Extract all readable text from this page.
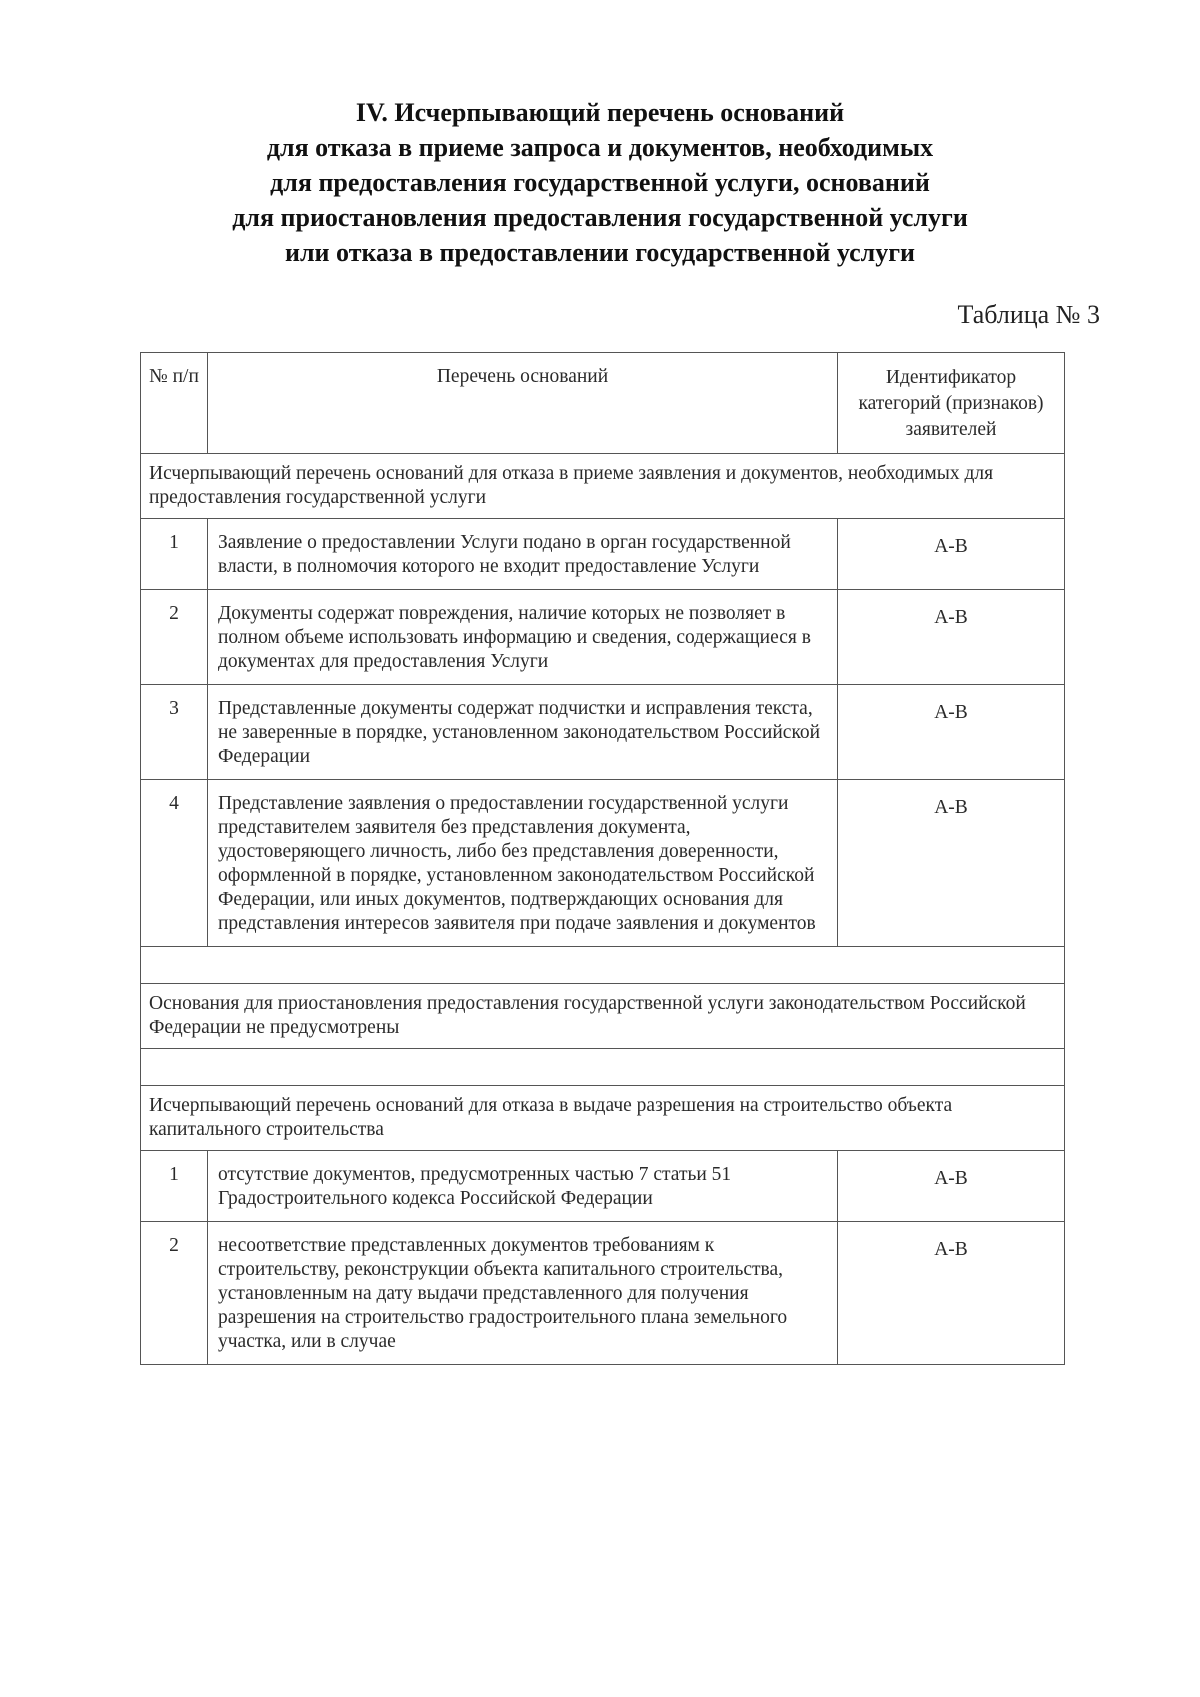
IV. Исчерпывающий перечень оснований
для отказа в приеме запроса и документов, необходимых
для предоставления государственной услуги, оснований
для приостановления предоставления государственной услуги
или отказа в предоставлении государственной услуги
Таблица № 3
№ п/п	Перечень оснований	Идентификатор категорий (признаков) заявителей
Исчерпывающий перечень оснований для отказа в приеме заявления и документов, необходимых для предоставления государственной услуги		
1	Заявление о предоставлении Услуги подано в орган государственной власти, в полномочия которого не входит предоставление Услуги	А-В

2	Документы содержат повреждения, наличие которых не позволяет в полном объеме использовать информацию и сведения, содержащиеся в документах для предоставления Услуги	А-В

3	Представленные документы содержат подчистки и исправления текста, не заверенные в порядке, установленном законодательством Российской Федерации	А-В

4	Представление заявления о предоставлении государственной услуги представителем заявителя без представления документа, удостоверяющего личность, либо без представления доверенности, оформленной в порядке, установленном законодательством Российской Федерации, или иных документов, подтверждающих основания для представления интересов заявителя при подаче заявления и документов	А-В

Основания для приостановления предоставления государственной услуги законодательством Российской Федерации не предусмотрены		

Исчерпывающий перечень оснований для отказа в выдаче разрешения на строительство объекта капитального строительства		
1	отсутствие документов, предусмотренных частью 7 статьи 51 Градостроительного кодекса Российской Федерации	А-В

2	несоответствие представленных документов требованиям к строительству, реконструкции объекта капитального строительства, установленным на дату выдачи представленного для получения разрешения на строительство градостроительного плана земельного участка, или в случае	А-В
